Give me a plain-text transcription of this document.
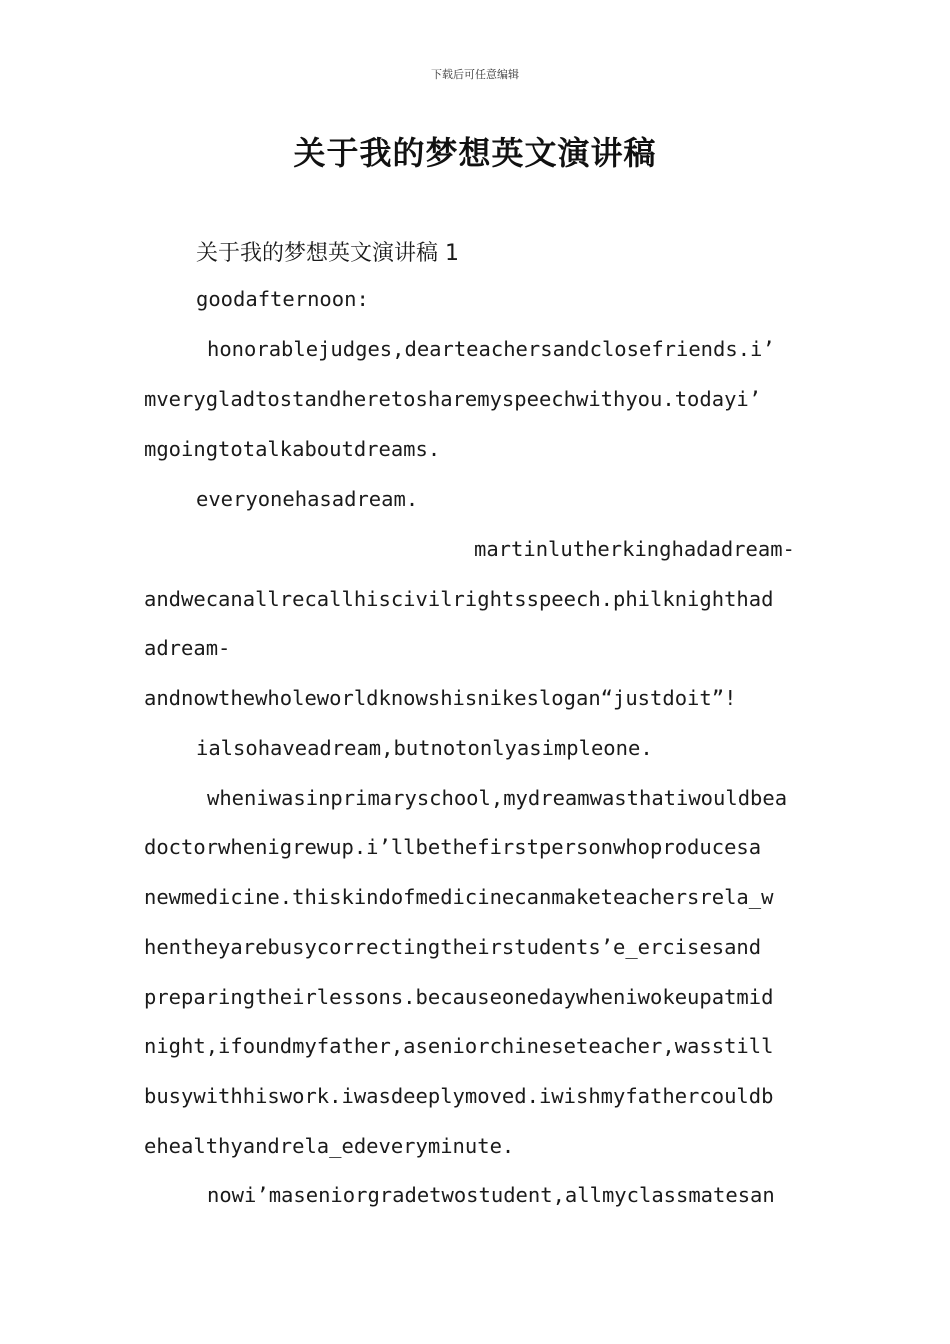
下载后可任意编辑
关于我的梦想英文演讲稿
关于我的梦想英文演讲稿 1
goodafternoon:
honorablejudges,dearteachersandclosefriends.i’
mverygladtostandheretosharemyspeechwithyou.todayi’
mgoingtotalkaboutdreams.
everyonehasadream.
martinlutherkinghadadream-
andwecanallrecallhiscivilrightsspeech.philknighthad
adream-
andnowthewholeworldknowshisnikeslogan“justdoit”!
ialsohaveadream,butnotonlyasimpleone.
wheniwasinprimaryschool,mydreamwasthatiwouldbea
doctorwhenigrewup.i’llbethefirstpersonwhoproducesa
newmedicine.thiskindofmedicinecanmaketeachersrela_w
hentheyarebusycorrectingtheirstudents’e_ercisesand
preparingtheirlessons.becauseonedaywheniwokeupatmid
night,ifoundmyfather,aseniorchineseteacher,wasstill
busywithhiswork.iwasdeeplymoved.iwishmyfathercouldb
ehealthyandrela_edeveryminute.
nowi’maseniorgradetwostudent,allmyclassmatesan
